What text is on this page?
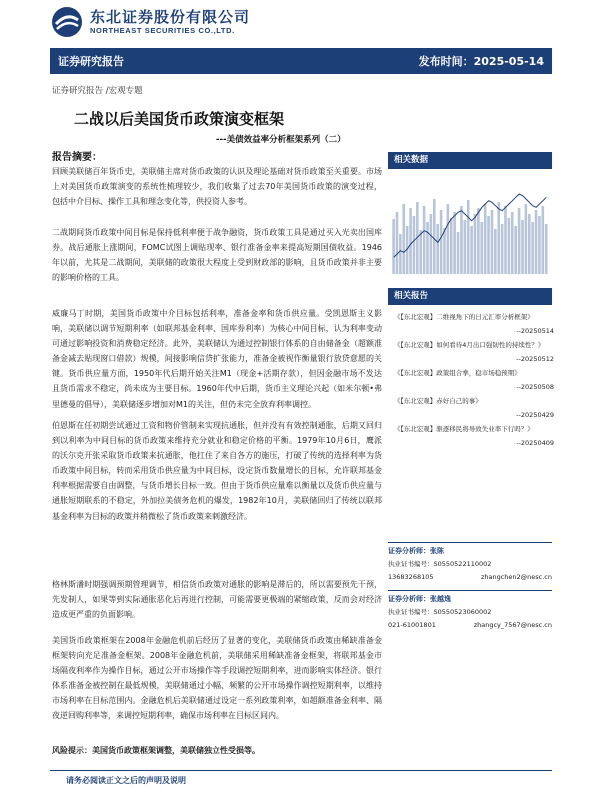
东北证券股份有限公司
NORTHEAST SECURITIES CO.,LTD.
证券研究报告	发布时间：2025-05-14
证券研究报告 /宏观专题
二战以后美国货币政策演变框架
---美债效益率分析框架系列（二）
报告摘要：
回顾美联储百年货币史，美联储主席对货币政策的认识及理论基础对货币政策至关重要。市场上对美国货币政策演变的系统性梳理较少，我们收集了过去70年美国货币政策的演变过程，包括中介目标、操作工具和理念变化等，供投资人参考。
二战期间货币政策中间目标是保持低利率便于战争融资，货币政策工具是通过买入光卖出国库券。战后通胀上涨期间，FOMC试图上调贴现率、银行准备金率来提高短期国债收益。1946年以前，尤其是二战期间，美联储的政策很大程度上受到财政部的影响，且货币政策并非主要的影响价格的工具。
威廉马丁时期，美国货币政策中介目标包括利率，准备金率和货币供应量。受凯恩斯主义影响，美联储以调节短期利率（如联邦基金利率、国库券利率）为核心中间目标，认为利率变动可通过影响投资和消费稳定经济。此外，美联储认为通过控制银行体系的自由储备金（超额准备金减去贴现窗口借款）规模，间接影响信贷扩张能力，准备金被视作衡量银行放贷意愿的关键。货币供应量方面，1950年代后期开始关注M1（现金+活期存款），但因金融市场不发达且货币需求不稳定，尚未成为主要目标。1960年代中后期，货币主义理论兴起（如米尔顿•弗里德曼的倡导），美联储逐步增加对M1的关注，但仍未完全放弃利率调控。
伯恩斯在任初期尝试通过工资和物价管制来实现抗通胀，但并没有有效控制通胀，后期又回归到以利率为中间目标的货币政策来维持充分就业和稳定价格的平衡。1979年10月6日，鹰派的沃尔克开张采取货币政策来抗通胀，他扛住了来自各方的施压，打破了传统的选择利率为货币政策中间目标，转而采用货币供应量为中间目标，设定货币数量增长的目标，允许联邦基金利率根据需要自由调整，与货币增长目标一致。但由于货币供应量难以衡量以及货币供应量与通胀短期联系的不稳定，外加拉美债务危机的爆发，1982年10月，美联储回归了传统以联邦基金利率为目标的政策并稍微松了货币政策来刺激经济。
格林斯潘时期强调预期管理调节，相信货币政策对通胀的影响是滞后的，所以需要预先干预，先发制人，如果等到实际通胀恶化后再进行控制，可能需要更极端的紧缩政策，反而会对经济造成更严重的负面影响。
美国货币政策框架在2008年金融危机前后经历了显著的变化，美联储货币政策由稀缺准备金框架转向充足准备金框架。2008年金融危机前，美联储采用稀缺准备金框架，将联邦基金市场隔夜利率作为操作目标，通过公开市场操作等手段调控短期利率，进而影响实体经济。银行体系准备金被控制在最低规模，美联储通过小幅、频繁的公开市场操作调控短期利率，以维持市场利率在目标范围内。金融危机后美联储通过设定一系列政策利率，如超额准备金利率、隔夜逆回购利率等，来调控短期利率，确保市场利率在目标区间内。
风险提示：美国货币政策框架调整，美联储独立性受损等。
相关数据
相关报告
《【东北宏观】二维视角下的日元汇率分析框架》
--20250514
《【东北宏观】如何看待4月出口强韧性的持续性？》
--20250512
《【东北宏观】政策组合拳，稳市场稳预期》
--20250508
《【东北宏观】赤好自己的事》
--20250429
《【东北宏观】驱逐移民将导致失业率下行吗？》
--20250409
证券分析师：张陈
执业证书编号：S0550522110002
13683268105	zhangchen2@nesc.cn
证券分析师：张越逸
执业证书编号：S0550523060002
021-61001801	zhangcy_7567@nesc.cn
请务必阅读正文之后的声明及说明
